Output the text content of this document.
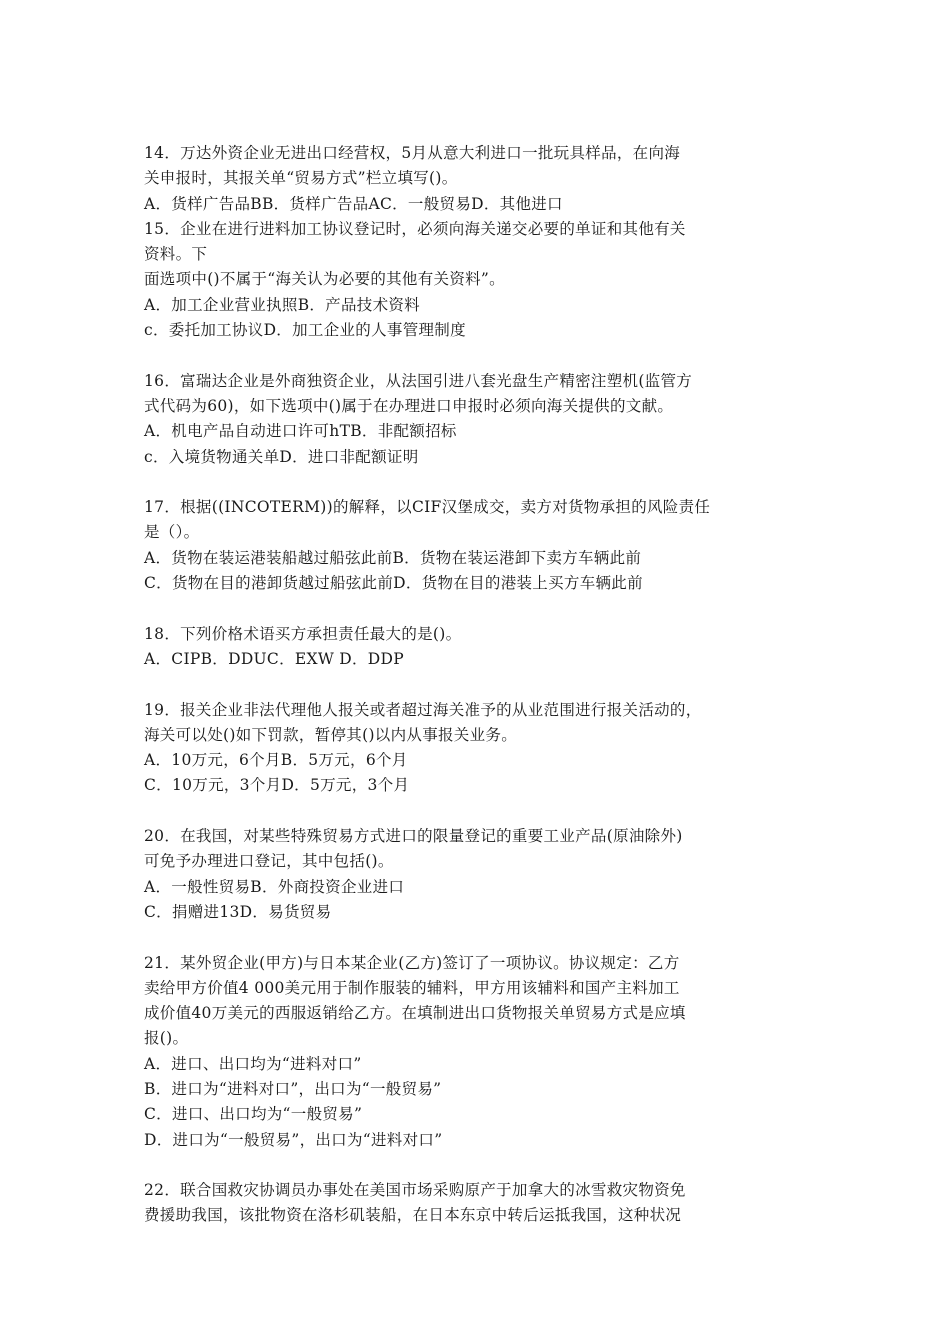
14．万达外资企业无进出口经营权，5月从意大利进口一批玩具样品，在向海
关申报时，其报关单“贸易方式”栏立填写()。
A．货样广告品BB．货样广告品AC．一般贸易D．其他进口
15．企业在进行进料加工协议登记时，必须向海关递交必要的单证和其他有关
资料。下
面选项中()不属于“海关认为必要的其他有关资料”。
A．加工企业营业执照B．产品技术资料
c．委托加工协议D．加工企业的人事管理制度
16．富瑞达企业是外商独资企业，从法国引进八套光盘生产精密注塑机(监管方
式代码为60)，如下选项中()属于在办理进口申报时必须向海关提供的文献。
A．机电产品自动进口许可hTB．非配额招标
c．入境货物通关单D．进口非配额证明
17．根据((INCOTERM))的解释，以CIF汉堡成交，卖方对货物承担的风险责任
是（）。
A．货物在装运港装船越过船弦此前B．货物在装运港卸下卖方车辆此前
C．货物在目的港卸货越过船弦此前D．货物在目的港装上买方车辆此前
18．下列价格术语买方承担责任最大的是()。
A．CIPB．DDUC．EXW D．DDP
19．报关企业非法代理他人报关或者超过海关准予的从业范围进行报关活动的，
海关可以处()如下罚款，暂停其()以内从事报关业务。
A．10万元，6个月B．5万元，6个月
C．10万元，3个月D．5万元，3个月
20．在我国，对某些特殊贸易方式进口的限量登记的重要工业产品(原油除外)
可免予办理进口登记，其中包括()。
A．一般性贸易B．外商投资企业进口
C．捐赠进13D．易货贸易
21．某外贸企业(甲方)与日本某企业(乙方)签订了一项协议。协议规定：乙方
卖给甲方价值4 000美元用于制作服装的辅料，甲方用该辅料和国产主料加工
成价值40万美元的西服返销给乙方。在填制进出口货物报关单贸易方式是应填
报()。
A．进口、出口均为“进料对口”
B．进口为“进料对口”，出口为“一般贸易”
C．进口、出口均为“一般贸易”
D．进口为“一般贸易”，出口为“进料对口”
22．联合国救灾协调员办事处在美国市场采购原产于加拿大的冰雪救灾物资免
费援助我国，该批物资在洛杉矶装船，在日本东京中转后运抵我国，这种状况
